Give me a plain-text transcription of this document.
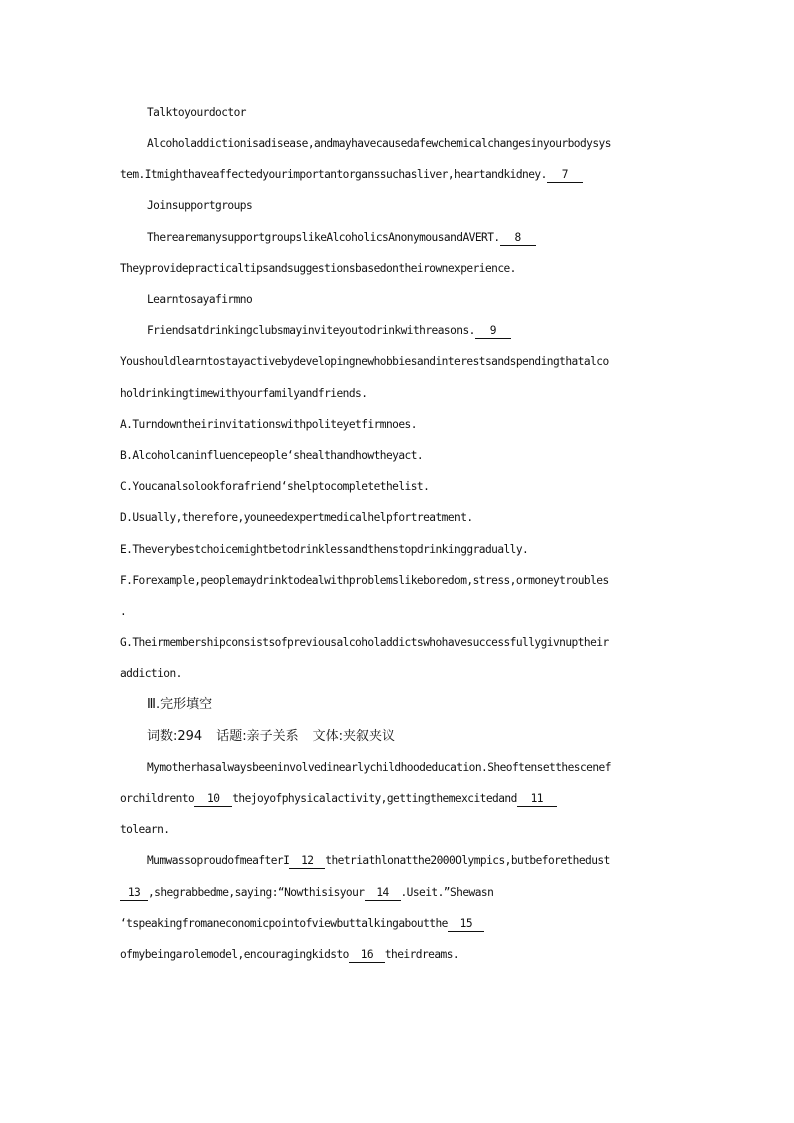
Talktoyourdoctor
Alcoholaddictionisadisease,andmayhavecausedafewchemicalchangesinyourbodysys
tem.Itmighthaveaffectedyourimportantorganssuchasliver,heartandkidney. 7
Joinsupportgroups
TherearemanysupportgroupslikeAlcoholicsAnonymousandAVERT. 8
Theyprovidepracticaltipsandsuggestionsbasedontheirownexperience.
Learntosayafirmno
Friendsatdrinkingclubsmayinviteyoutodrinkwithreasons. 9
Youshouldlearntostayactivebydevelopingnewhobbiesandinterestsandspendingthatalco
holdrinkingtimewithyourfamilyandfriends.
A.Turndowntheirinvitationswithpoliteyetfirmnoes.
B.Alcoholcaninfluencepeople‘shealthandhowtheyact.
C.Youcanalsolookforafriend‘shelptocompletethelist.
D.Usually,therefore,youneedexpertmedicalhelpfortreatment.
E.Theverybestchoicemightbetodrinklessandthenstopdrinkinggradually.
F.Forexample,peoplemaydrinktodealwithproblemslikeboredom,stress,ormoneytroubles
.
G.Theirmembershipconsistsofpreviousalcoholaddictswhohavesuccessfullygivnuptheir
addiction.
Ⅲ.完形填空
词数:294 话题:亲子关系 文体:夹叙夹议
Mymotherhasalwaysbeeninvolvedinearlychildhoodeducation.Sheoftensetthescenef
orchildrento 10 thejoyofphysicalactivity,gettingthemexcitedand 11
tolearn.
MumwassoproudofmeafterI 12 thetriathlonatthe2000Olympics,butbeforethedust
13 ,shegrabbedme,saying:“Nowthisisyour 14 .Useit.”Shewasn
‘tspeakingfromaneconomicpointofviewbuttalkingaboutthe 15
ofmybeingarolemodel,encouragingkidsto 16 theirdreams.
